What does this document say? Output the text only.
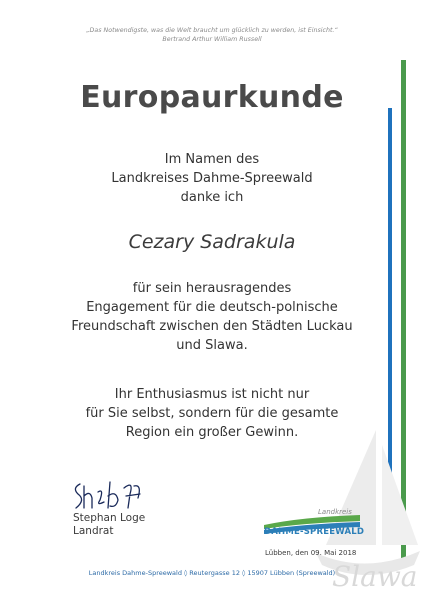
„Das Notwendigste, was die Welt braucht um glücklich zu werden, ist Einsicht.“
Bertrand Arthur William Russell
Europaurkunde
Im Namen des
Landkreises Dahme-Spreewald
danke ich
Cezary Sadrakula
für sein herausragendes
Engagement für die deutsch-polnische
Freundschaft zwischen den Städten Luckau
und Slawa.
Ihr Enthusiasmus ist nicht nur
für Sie selbst, sondern für die gesamte
Region ein großer Gewinn.
Slawa
Stephan Loge
Landrat
Landkreis
DAHME-SPREEWALD
Lübben, den 09. Mai 2018
Landkreis Dahme-Spreewald ◊ Reutergasse 12 ◊ 15907 Lübben (Spreewald)
